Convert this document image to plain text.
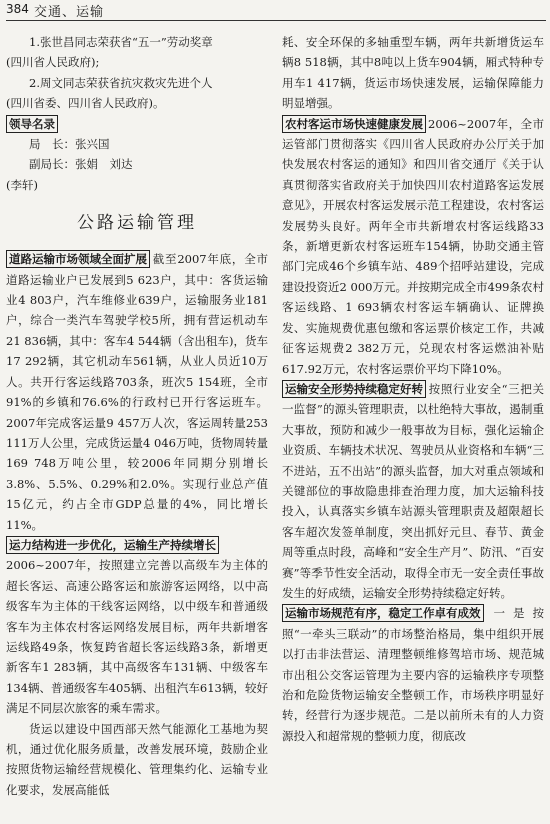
384 交通、运输

1.张世昌同志荣获省“五一”劳动奖章

(四川省人民政府);

2.周文同志荣获省抗灾救灾先进个人

(四川省委、四川省人民政府)。

领导名录

局　长：张兴国

副局长：张娟　刘达

(李轩)

公路运输管理

道路运输市场领域全面扩展 截至2007年底，全市道路运输业户已发展到5 623户，其中：客货运输业4 803户，汽车维修业639户，运输服务业181户，综合一类汽车驾驶学校5所，拥有营运机动车21 836辆，其中：客车4 544辆（含出租车)，货车17 292辆，其它机动车561辆，从业人员近10万人。共开行客运线路703条，班次5 154班，全市91%的乡镇和76.6%的行政村已开行客运班车。2007年完成客运量9 457万人次，客运周转量253 111万人公里，完成货运量4 046万吨，货物周转量169 748万吨公里，较2006年同期分别增长3.8%、5.5%、0.29%和2.0%。实现行业总产值15亿元，约占全市GDP总量的4%，同比增长11%。

运力结构进一步优化，运输生产持续增长2006~2007年，按照建立完善以高级车为主体的超长客运、高速公路客运和旅游客运网络，以中高级客车为主体的干线客运网络，以中级车和普通级客车为主体农村客运网络发展目标，两年共新增客运线路49条，恢复跨省超长客运线路3条，新增更新客车1 283辆，其中高级客车131辆、中级客车134辆、普通级客车405辆、出租汽车613辆，较好满足不同层次旅客的乘车需求。

货运以建设中国西部天然气能源化工基地为契机，通过优化服务质量，改善发展环境，鼓励企业按照货物运输经营规模化、管理集约化、运输专业化要求，发展高能低

耗、安全环保的多轴重型车辆，两年共新增货运车辆8 518辆，其中8吨以上货车904辆，厢式特种专用车1 417辆，货运市场快速发展，运输保障能力明显增强。

农村客运市场快速健康发展 2006~2007年，全市运管部门贯彻落实《四川省人民政府办公厅关于加快发展农村客运的通知》和四川省交通厅《关于认真贯彻落实省政府关于加快四川农村道路客运发展意见》，开展农村客运发展示范工程建设，农村客运发展势头良好。两年全市共新增农村客运线路33条，新增更新农村客运班车154辆，协助交通主管部门完成46个乡镇车站、489个招呼站建设，完成建设投资近2 000万元。并按期完成全市499条农村客运线路、1 693辆农村客运车辆确认、证牌换发、实施规费优惠包缴和客运票价核定工作，共减征客运规费2 382万元，兑现农村客运燃油补贴617.92万元，农村客运票价平均下降10%。

运输安全形势持续稳定好转 按照行业安全“三把关一监督”的源头管理职责，以杜绝特大事故，遏制重大事故，预防和减少一般事故为目标，强化运输企业资质、车辆技术状况、驾驶员从业资格和车辆“三不进站，五不出站”的源头监督，加大对重点领域和关键部位的事故隐患排查治理力度，加大运输科技投入，认真落实乡镇车站源头管理职责及超限超长客车超次发签单制度，突出抓好元旦、春节、黄金周等重点时段，高峰和“安全生产月”、防汛、“百安赛”等季节性安全活动，取得全市无一安全责任事故发生的好成绩，运输安全形势持续稳定好转。

运输市场规范有序，稳定工作卓有成效 一是按照“一牵头三联动”的市场整治格局，集中组织开展以打击非法营运、清理整顿维修驾培市场、规范城市出租公交客运管理为主要内容的运输秩序专项整治和危险货物运输安全整顿工作，市场秩序明显好转，经营行为逐步规范。二是以前所未有的人力资源投入和超常规的整顿力度，彻底改
